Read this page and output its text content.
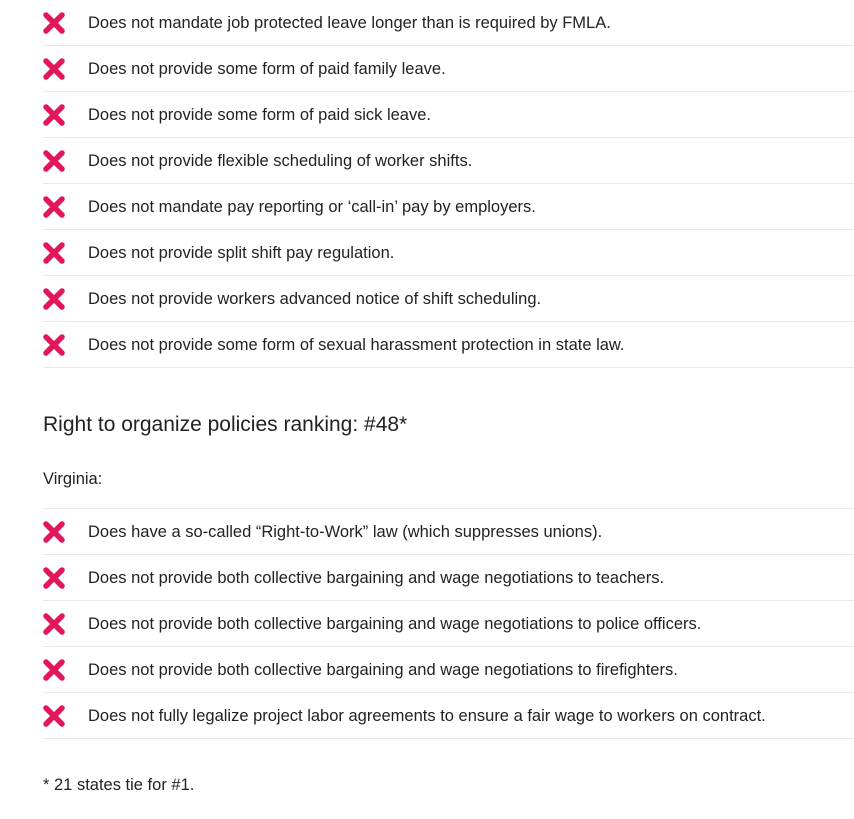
Does not mandate job protected leave longer than is required by FMLA.
Does not provide some form of paid family leave.
Does not provide some form of paid sick leave.
Does not provide flexible scheduling of worker shifts.
Does not mandate pay reporting or ‘call-in’ pay by employers.
Does not provide split shift pay regulation.
Does not provide workers advanced notice of shift scheduling.
Does not provide some form of sexual harassment protection in state law.
Right to organize policies ranking: #48*

Virginia:

Does have a so-called “Right-to-Work” law (which suppresses unions).
Does not provide both collective bargaining and wage negotiations to teachers.
Does not provide both collective bargaining and wage negotiations to police officers.
Does not provide both collective bargaining and wage negotiations to firefighters.
Does not fully legalize project labor agreements to ensure a fair wage to workers on contract.

* 21 states tie for #1.
